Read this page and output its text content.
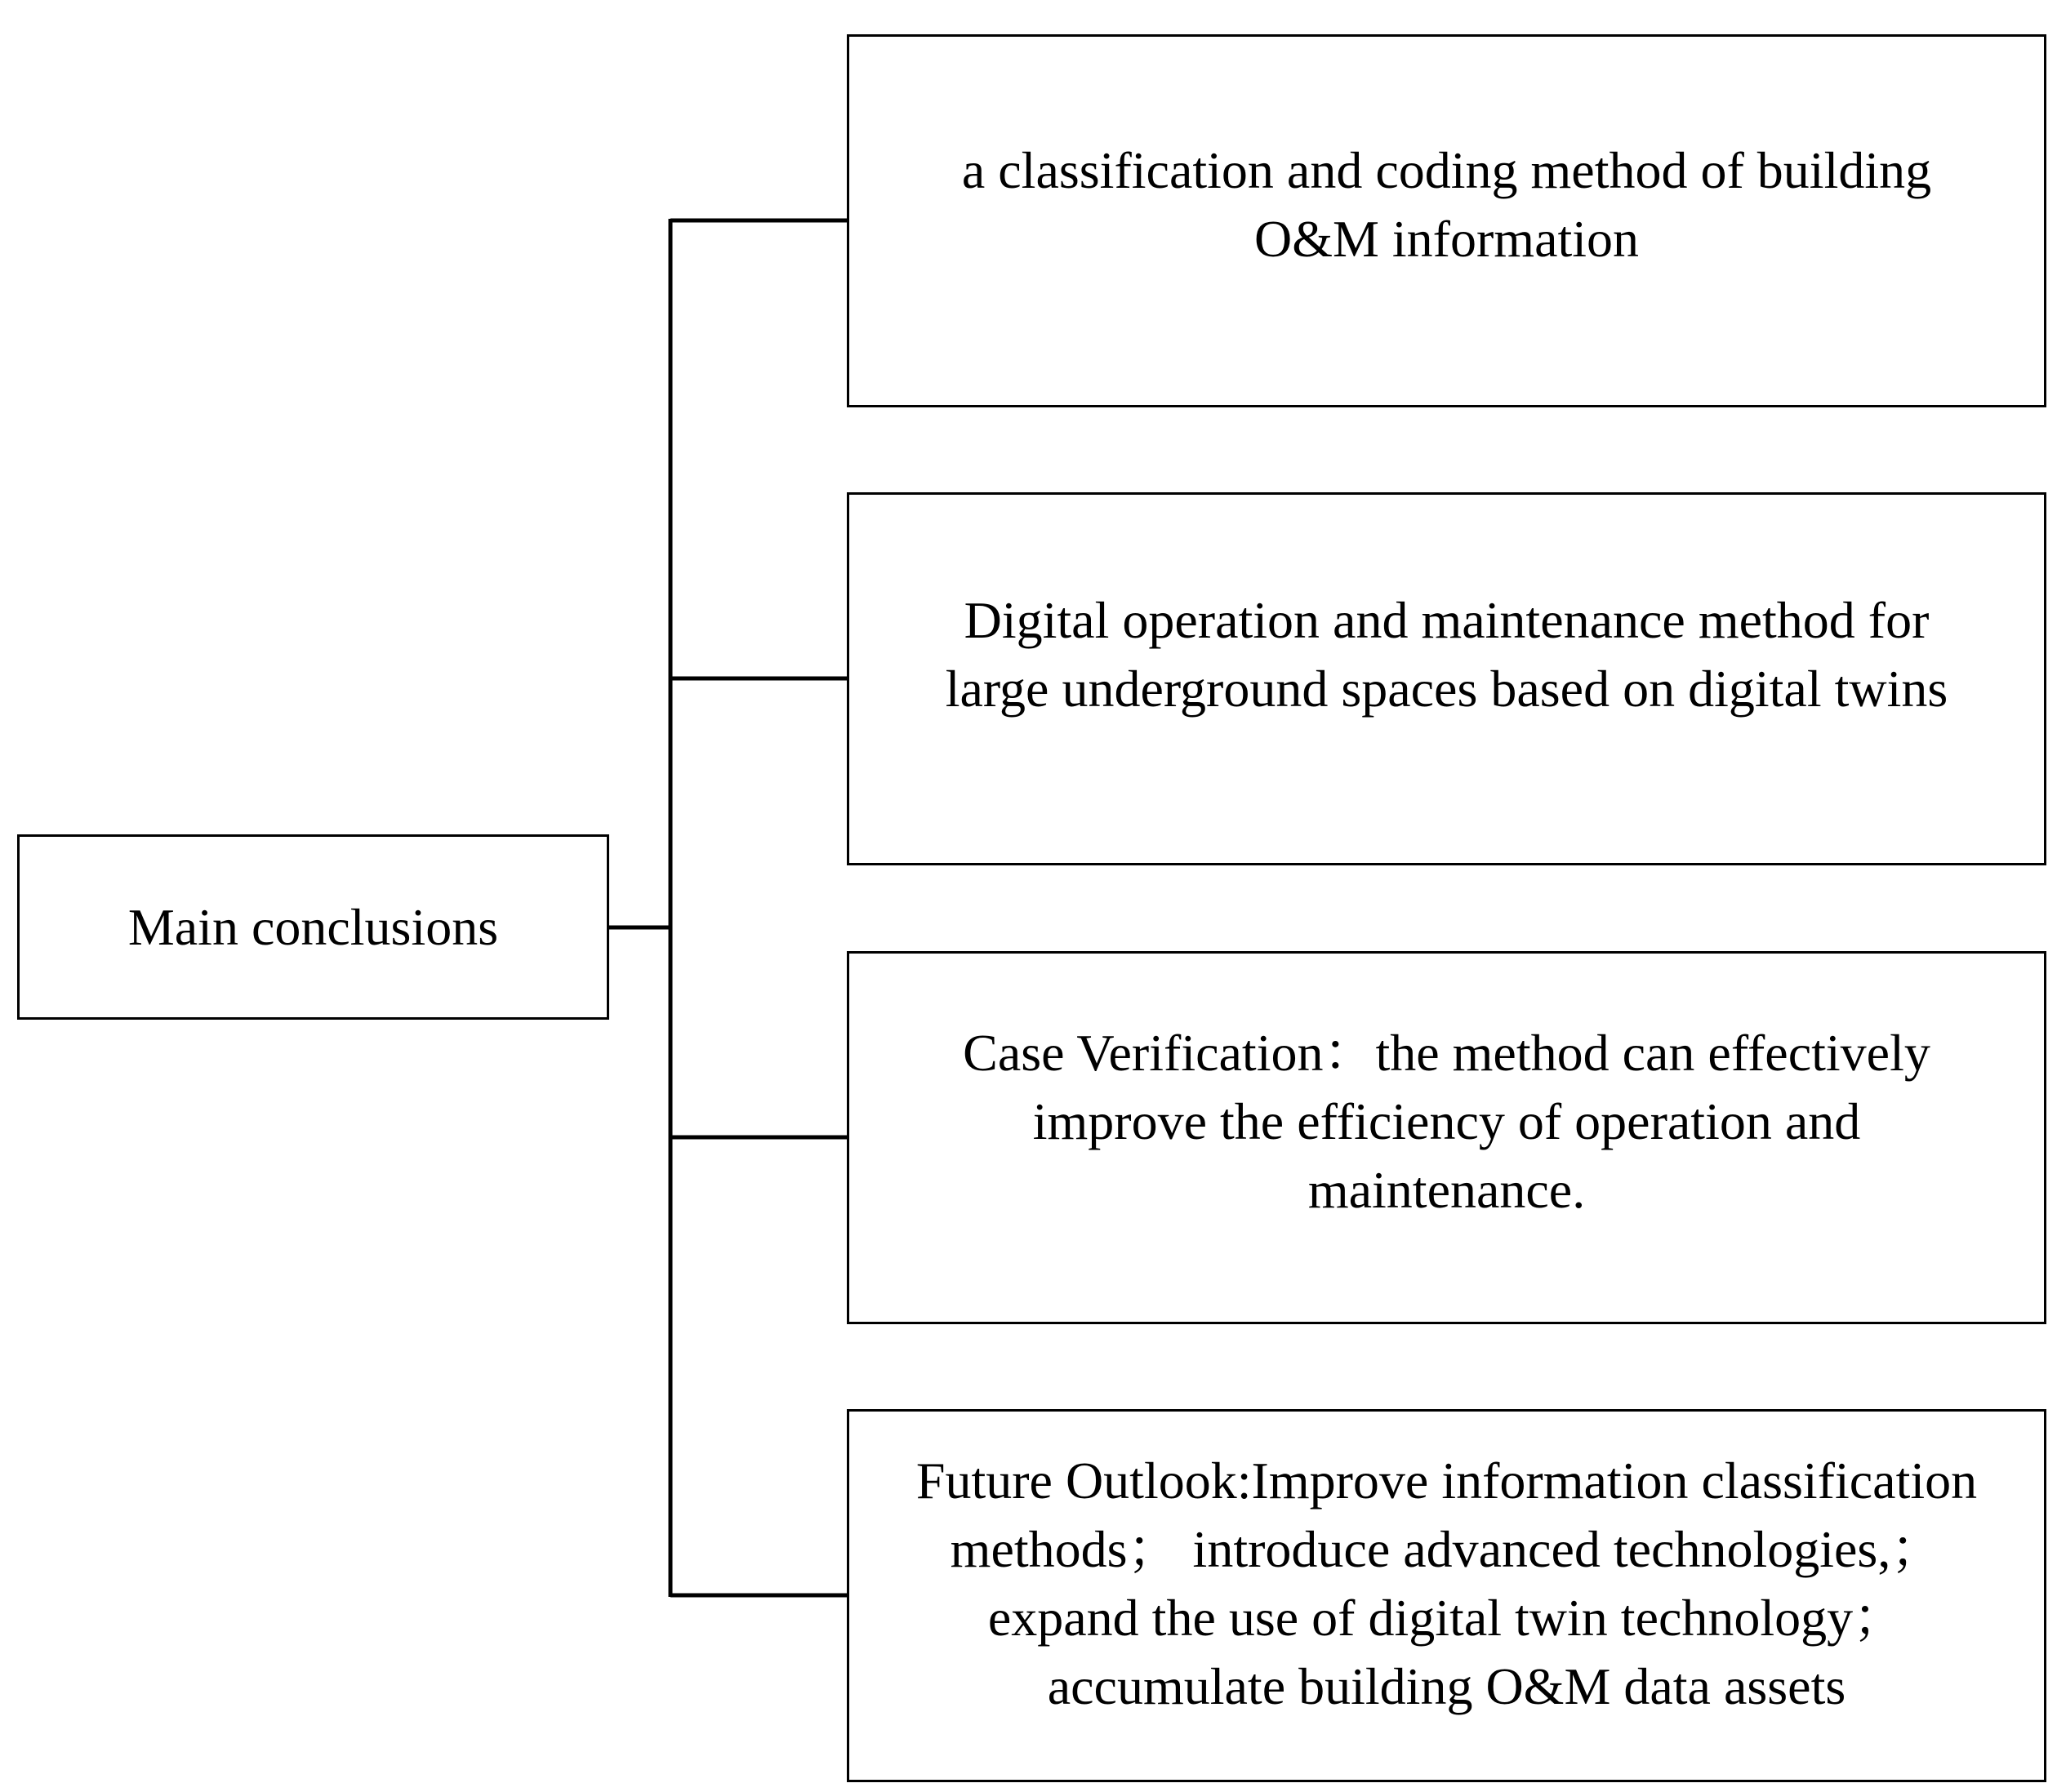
Main conclusions
a classification and coding method of building
O&M information
Digital operation and maintenance method for
large underground spaces based on digital twins
Case Verification：the method can effectively
improve the efficiency of operation and
maintenance.
Future Outlook:Improve information classification
methods； introduce advanced technologies,；
expand the use of digital twin technology；
accumulate building O&M data assets
